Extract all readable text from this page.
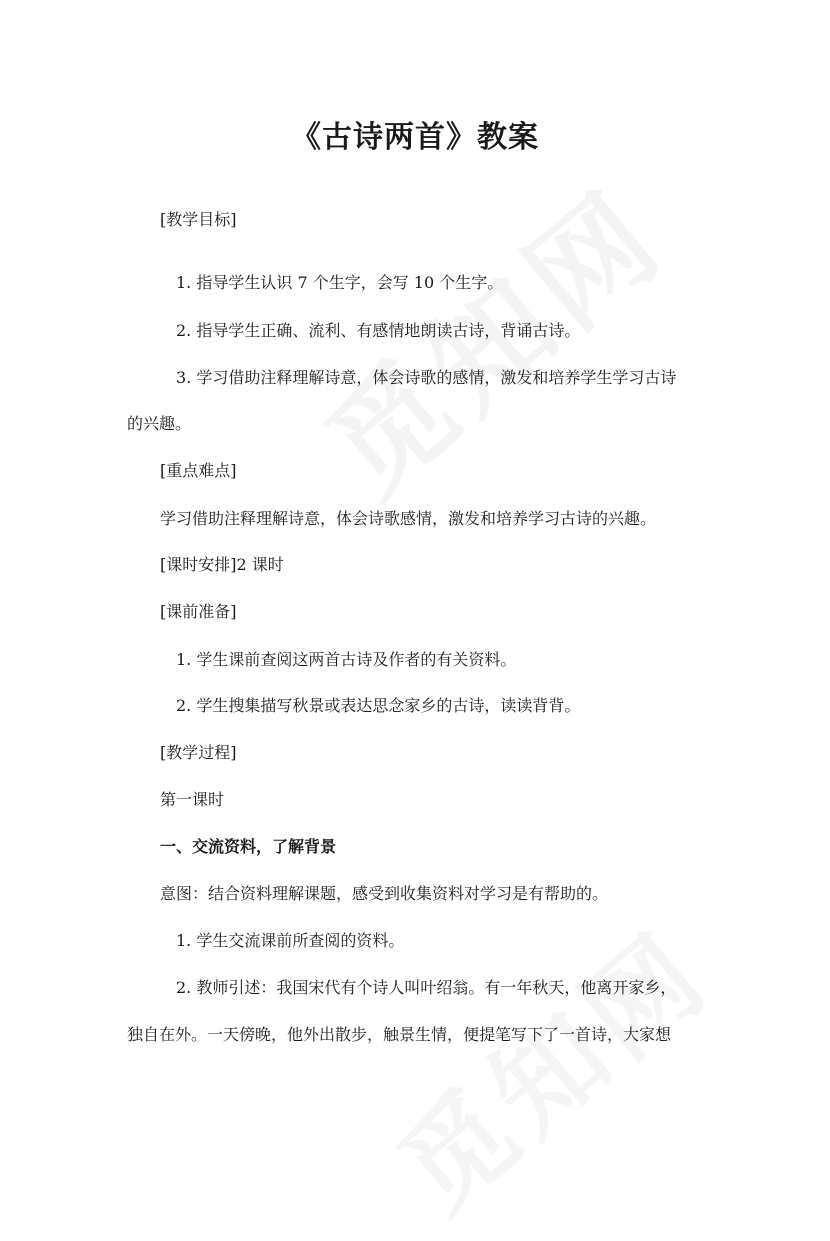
《古诗两首》教案
[教学目标]
1. 指导学生认识 7 个生字，会写 10 个生字。
2. 指导学生正确、流利、有感情地朗读古诗，背诵古诗。
3. 学习借助注释理解诗意，体会诗歌的感情，激发和培养学生学习古诗
的兴趣。
[重点难点]
学习借助注释理解诗意，体会诗歌感情，激发和培养学习古诗的兴趣。
[课时安排]2 课时
[课前准备]
1. 学生课前查阅这两首古诗及作者的有关资料。
2. 学生搜集描写秋景或表达思念家乡的古诗，读读背背。
[教学过程]
第一课时
一、交流资料，了解背景
意图：结合资料理解课题，感受到收集资料对学习是有帮助的。
1. 学生交流课前所查阅的资料。
2. 教师引述：我国宋代有个诗人叫叶绍翁。有一年秋天，他离开家乡，
独自在外。一天傍晚，他外出散步，触景生情，便提笔写下了一首诗，大家想
